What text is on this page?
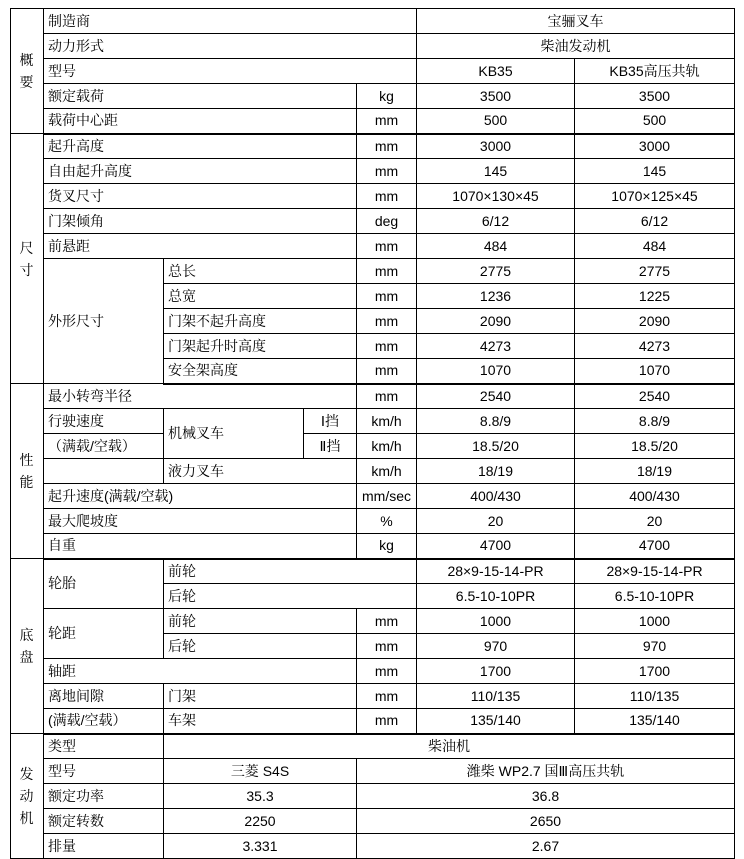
概
要	制造商				宝骊叉车	
	动力形式				柴油发动机	
	型号				KB35	KB35高压共轨
	额定载荷			kg	3500	3500
	载荷中心距			mm	500	500

尺
寸	起升高度			mm	3000	3000
	自由起升高度			mm	145	145
	货叉尺寸			mm	1070×130×45	1070×125×45
	门架倾角			deg	6/12	6/12
	前悬距			mm	484	484
	外形尺寸	总长		mm	2775	2775
		总宽		mm	1236	1225
		门架不起升高度		mm	2090	2090
		门架起升时高度		mm	4273	4273
		安全架高度		mm	1070	1070

性
能	最小转弯半径			mm	2540	2540
	行驶速度	机械叉车	Ⅰ挡	km/h	8.8/9	8.8/9
	（满载/空载）		Ⅱ挡	km/h	18.5/20	18.5/20
		液力叉车		km/h	18/19	18/19
	起升速度(满载/空载)			mm/sec	400/430	400/430
	最大爬坡度			%	20	20
	自重			kg	4700	4700

底
盘	轮胎	前轮			28×9-15-14-PR	28×9-15-14-PR
		后轮			6.5-10-10PR	6.5-10-10PR
	轮距	前轮		mm	1000	1000
		后轮		mm	970	970
	轴距			mm	1700	1700
	离地间隙	门架		mm	110/135	110/135
	(满载/空载）	车架		mm	135/140	135/140

发
动
机	类型	柴油机				
	型号	三菱 S4S		潍柴 WP2.7 国Ⅲ高压共轨		
	额定功率	35.3		36.8		
	额定转数	2250		2650		
	排量	3.331		2.67		
